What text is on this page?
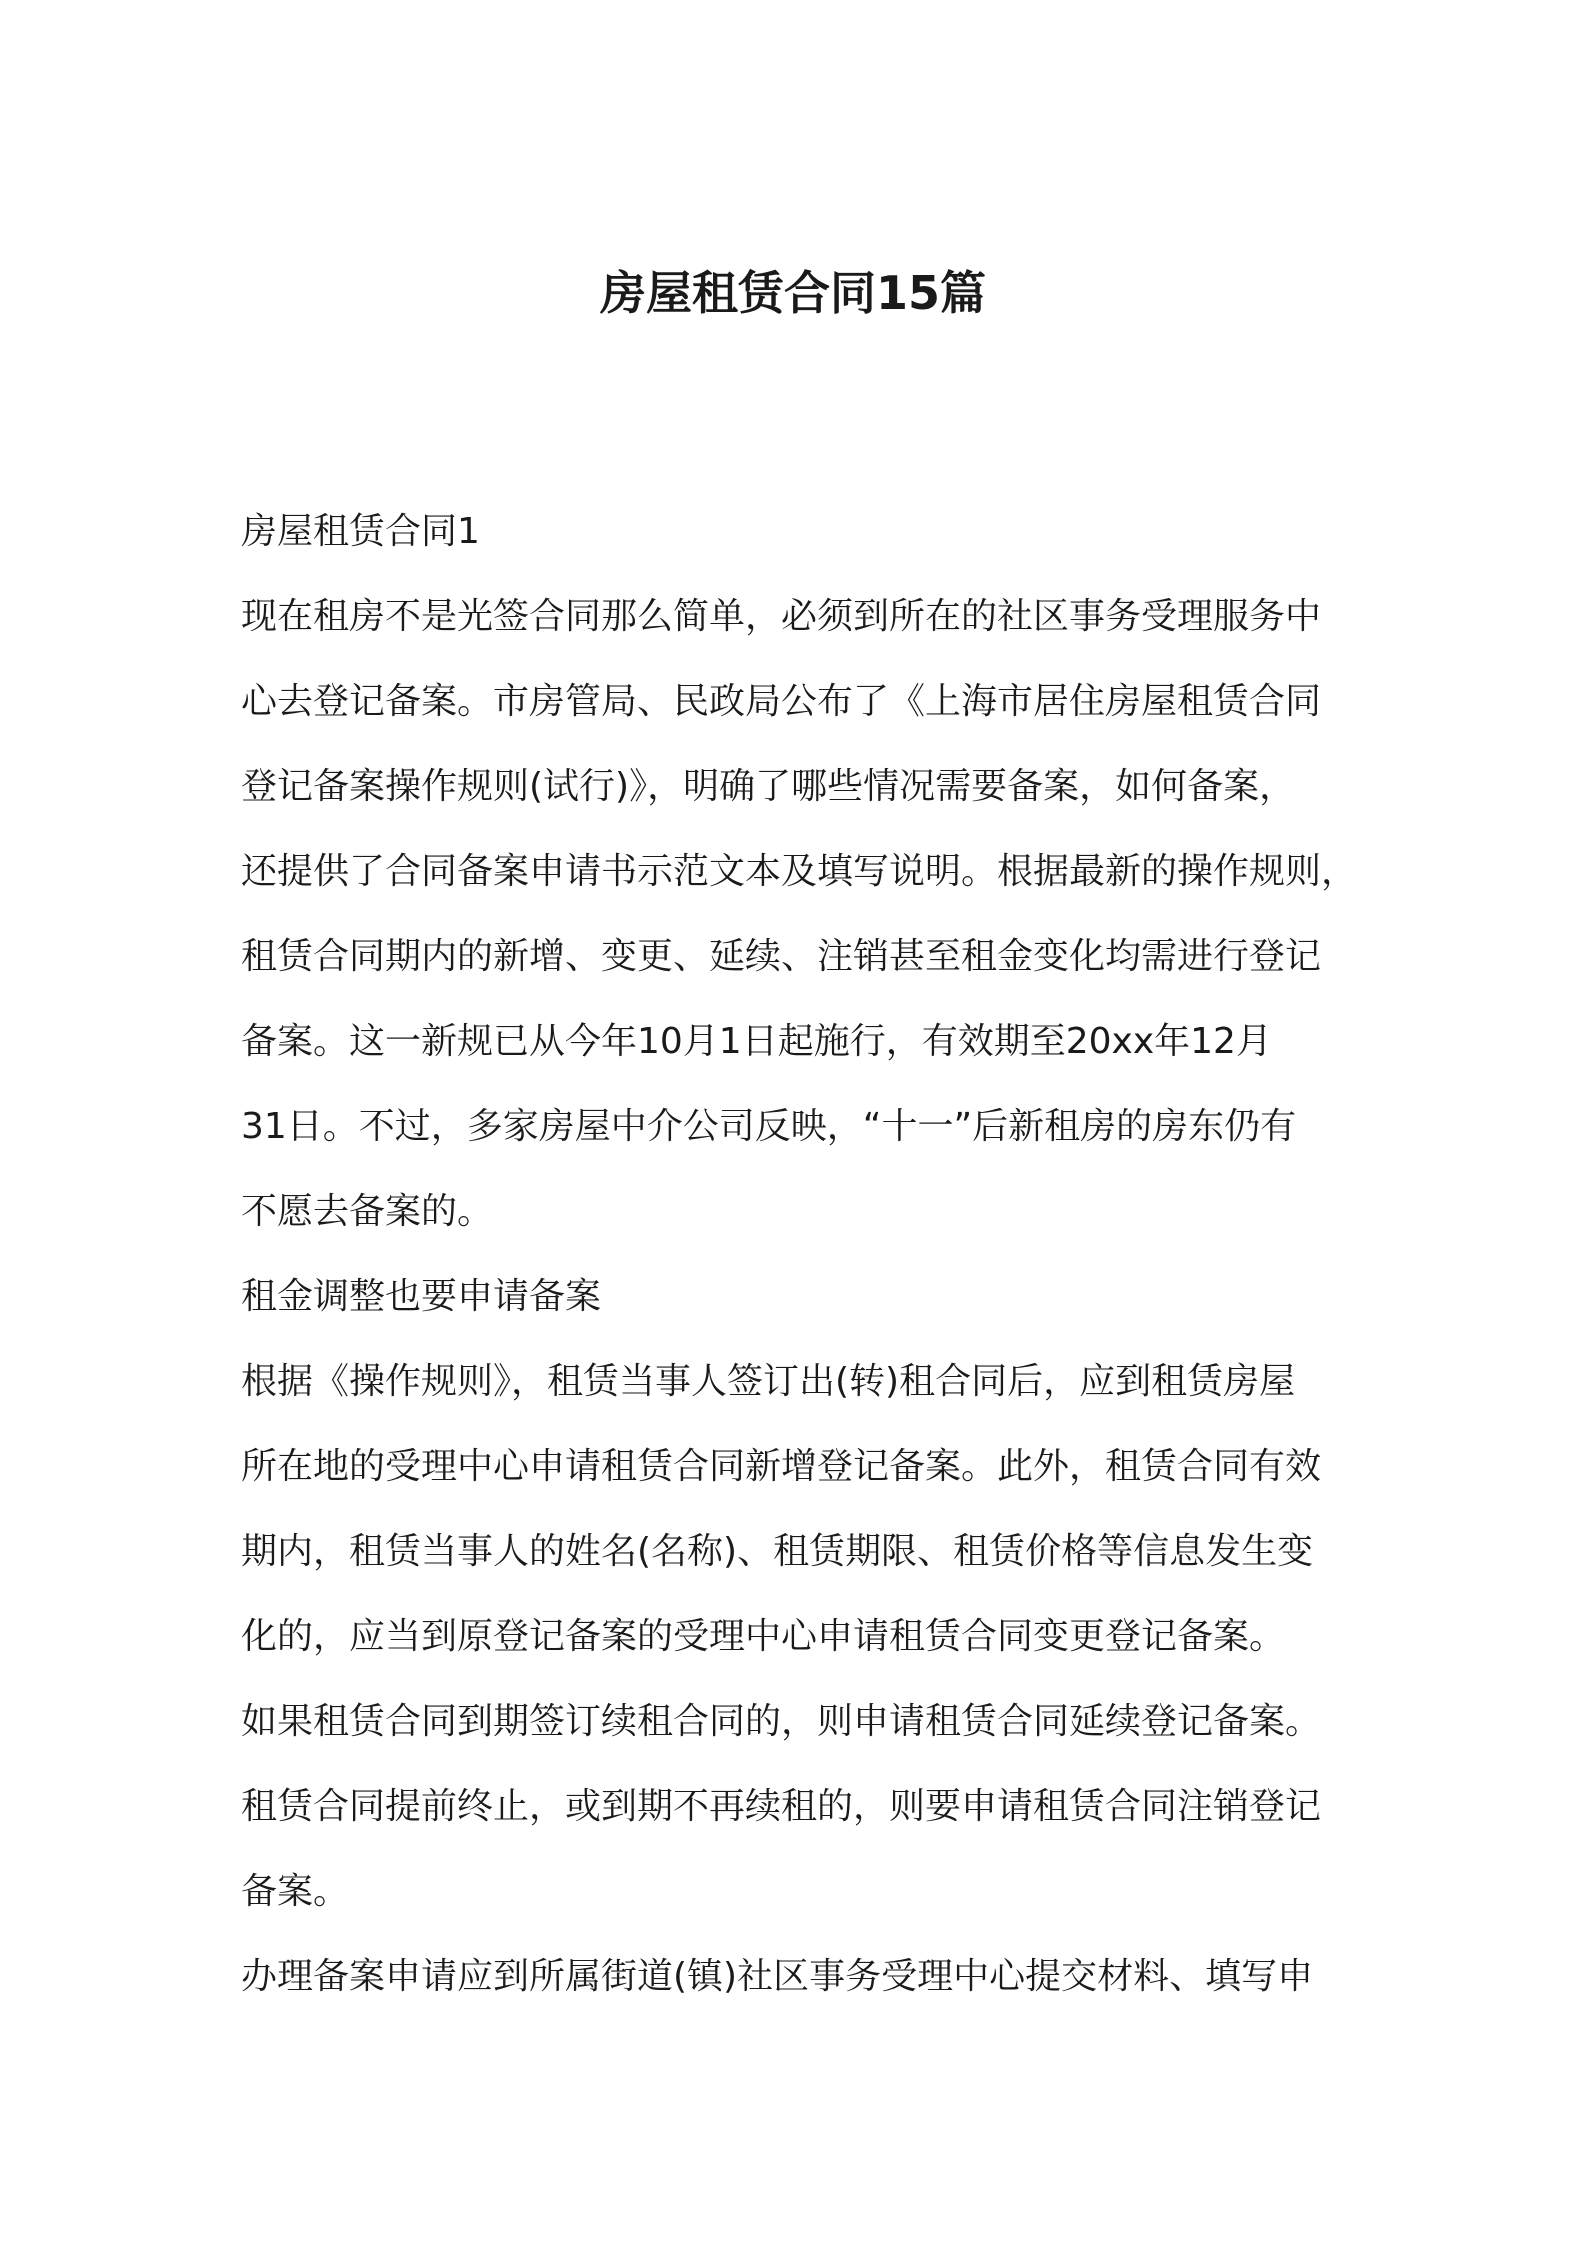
房屋租赁合同15篇

房屋租赁合同1

现在租房不是光签合同那么简单，必须到所在的社区事务受理服务中
心去登记备案。市房管局、民政局公布了《上海市居住房屋租赁合同
登记备案操作规则(试行)》，明确了哪些情况需要备案，如何备案，
还提供了合同备案申请书示范文本及填写说明。根据最新的操作规则，
租赁合同期内的新增、变更、延续、注销甚至租金变化均需进行登记
备案。这一新规已从今年10月1日起施行，有效期至20xx年12月
31日。不过，多家房屋中介公司反映，“十一”后新租房的房东仍有
不愿去备案的。

租金调整也要申请备案

根据《操作规则》，租赁当事人签订出(转)租合同后，应到租赁房屋
所在地的受理中心申请租赁合同新增登记备案。此外，租赁合同有效
期内，租赁当事人的姓名(名称)、租赁期限、租赁价格等信息发生变
化的，应当到原登记备案的受理中心申请租赁合同变更登记备案。
如果租赁合同到期签订续租合同的，则申请租赁合同延续登记备案。
租赁合同提前终止，或到期不再续租的，则要申请租赁合同注销登记
备案。
办理备案申请应到所属街道(镇)社区事务受理中心提交材料、填写申
